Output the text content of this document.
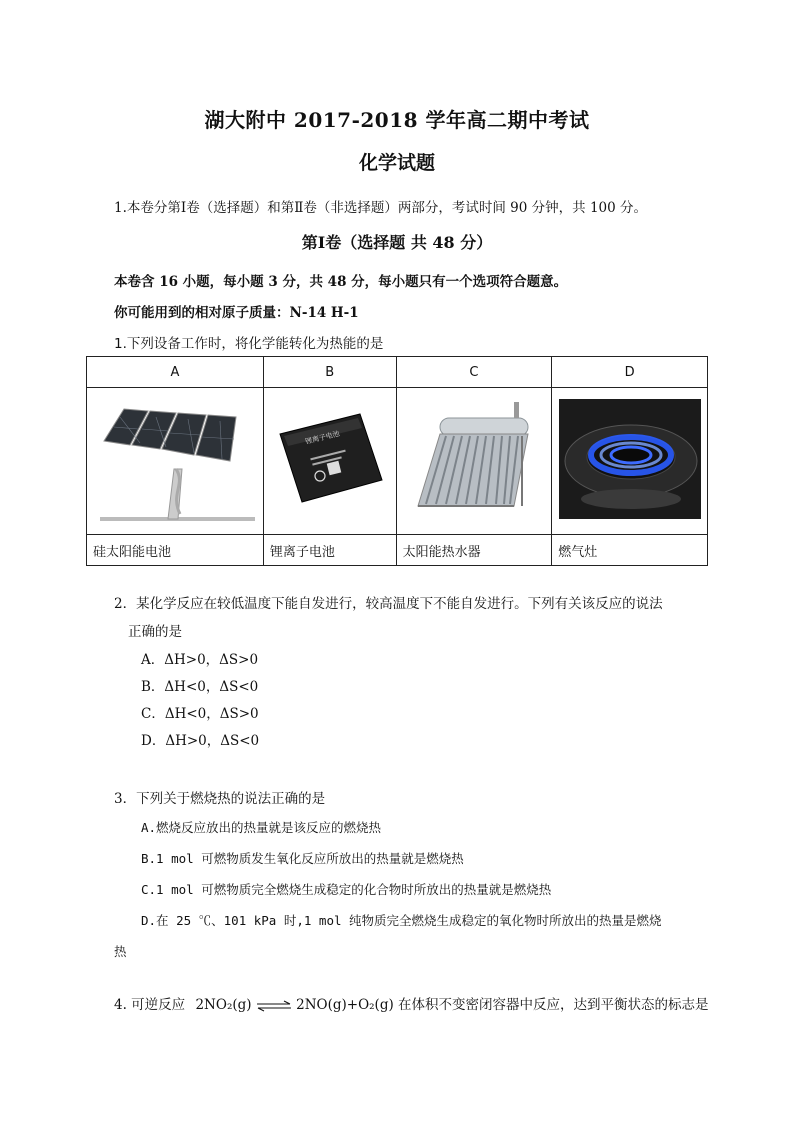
湖大附中 2017-2018 学年高二期中考试
化学试题
1.本卷分第Ⅰ卷（选择题）和第Ⅱ卷（非选择题）两部分，考试时间 90 分钟，共 100 分。
第Ⅰ卷（选择题 共 48 分）
本卷含 16 小题，每小题 3 分，共 48 分，每小题只有一个选项符合题意。
你可能用到的相对原子质量：N-14 H-1
1.下列设备工作时，将化学能转化为热能的是
A	B	C	D

锂离子电池

硅太阳能电池	锂离子电池	太阳能热水器	燃气灶
2．某化学反应在较低温度下能自发进行，较高温度下不能自发进行。下列有关该反应的说法
正确的是
A．ΔH>0，ΔS>0
B．ΔH<0，ΔS<0
C．ΔH<0，ΔS>0
D．ΔH>0，ΔS<0
3．下列关于燃烧热的说法正确的是
A.燃烧反应放出的热量就是该反应的燃烧热
B.1 mol 可燃物质发生氧化反应所放出的热量就是燃烧热
C.1 mol 可燃物质完全燃烧生成稳定的化合物时所放出的热量就是燃烧热
D.在 25 ℃、101 kPa 时,1 mol 纯物质完全燃烧生成稳定的氧化物时所放出的热量是燃烧
热
4. 可逆反应 2NO₂(g) ⇌ 2NO(g)+O₂(g) 在体积不变密闭容器中反应，达到平衡状态的标志是
